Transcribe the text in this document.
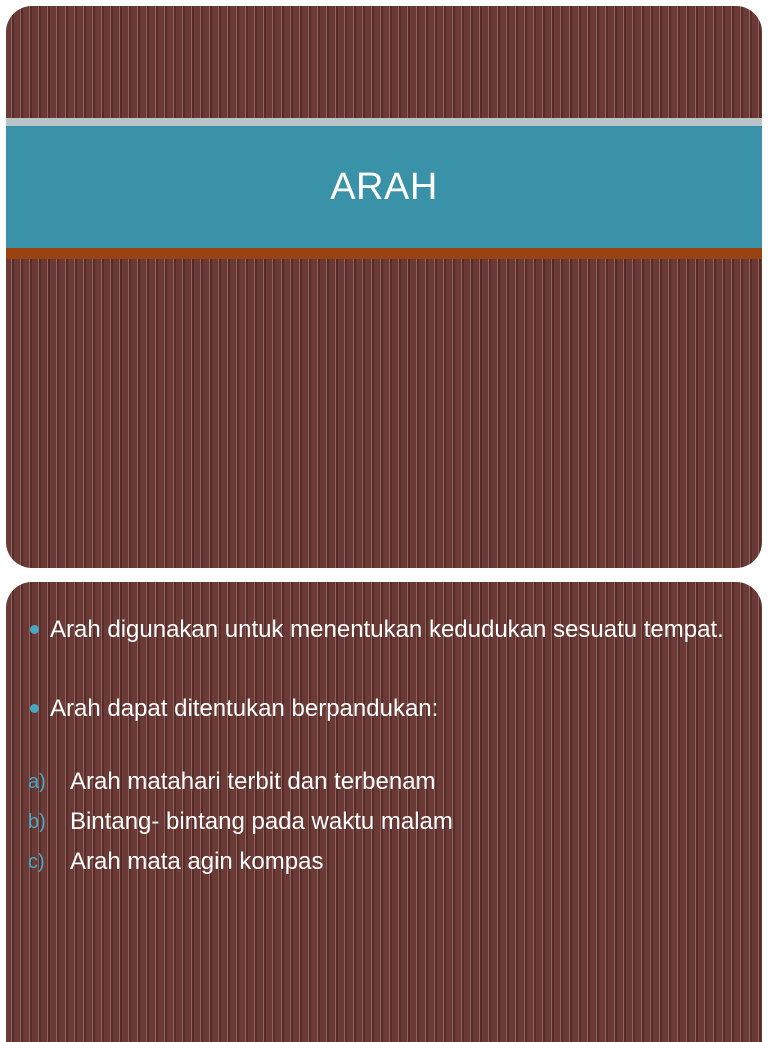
ARAH
Arah digunakan untuk menentukan kedudukan sesuatu tempat.
Arah dapat ditentukan berpandukan:
a) Arah matahari terbit dan terbenam
b) Bintang- bintang pada waktu malam
c) Arah mata agin kompas
